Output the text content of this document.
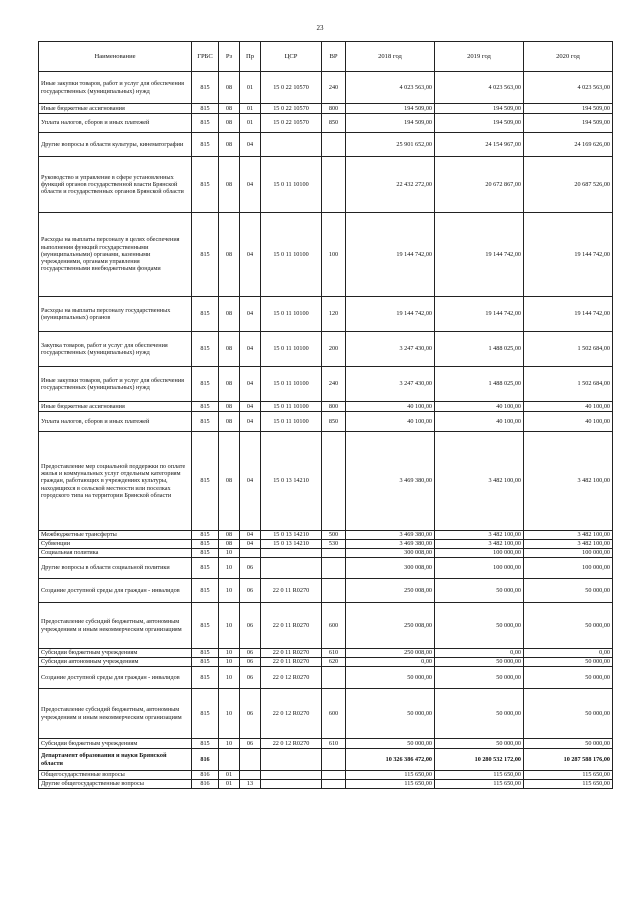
23
Наименование	ГРБС	Рз	Пр	ЦСР	ВР	2018 год	2019 год	2020 год
Иные закупки товаров, работ и услуг для обеспечения государственных (муниципальных) нужд	815	08	01	15 0 22 10570	240	4 023 563,00	4 023 563,00	4 023 563,00
Иные бюджетные ассигнования	815	08	01	15 0 22 10570	800	194 509,00	194 509,00	194 509,00
Уплата налогов, сборов и иных платежей	815	08	01	15 0 22 10570	850	194 509,00	194 509,00	194 509,00
Другие вопросы в области культуры, кинематографии	815	08	04			25 901 652,00	24 154 967,00	24 169 626,00
Руководство и управление в сфере установленных функций органов государственной власти Брянской области и государственных органов Брянской области	815	08	04	15 0 11 10100		22 432 272,00	20 672 867,00	20 687 526,00
Расходы на выплаты персоналу в целях обеспечения выполнения функций государственными (муниципальными) органами, казенными учреждениями, органами управления государственными внебюджетными фондами	815	08	04	15 0 11 10100	100	19 144 742,00	19 144 742,00	19 144 742,00
Расходы на выплаты персоналу государственных (муниципальных) органов	815	08	04	15 0 11 10100	120	19 144 742,00	19 144 742,00	19 144 742,00
Закупка товаров, работ и услуг для обеспечения государственных (муниципальных) нужд	815	08	04	15 0 11 10100	200	3 247 430,00	1 488 025,00	1 502 684,00
Иные закупки товаров, работ и услуг для обеспечения государственных (муниципальных) нужд	815	08	04	15 0 11 10100	240	3 247 430,00	1 488 025,00	1 502 684,00
Иные бюджетные ассигнования	815	08	04	15 0 11 10100	800	40 100,00	40 100,00	40 100,00
Уплата налогов, сборов и иных платежей	815	08	04	15 0 11 10100	850	40 100,00	40 100,00	40 100,00
Предоставление мер социальной поддержки по оплате жилья и коммунальных услуг отдельным категориям граждан, работающих в учреждениях культуры, находящихся в сельской местности или поселках городского типа на территории Брянской области	815	08	04	15 0 13 14210		3 469 380,00	3 482 100,00	3 482 100,00
Межбюджетные трансферты	815	08	04	15 0 13 14210	500	3 469 380,00	3 482 100,00	3 482 100,00
Субвенции	815	08	04	15 0 13 14210	530	3 469 380,00	3 482 100,00	3 482 100,00
Социальная политика	815	10				300 008,00	100 000,00	100 000,00
Другие вопросы в области социальной политики	815	10	06			300 008,00	100 000,00	100 000,00
Создание доступной среды для граждан - инвалидов	815	10	06	22 0 11 R0270		250 008,00	50 000,00	50 000,00
Предоставление субсидий бюджетным, автономным учреждениям и иным некоммерческим организациям	815	10	06	22 0 11 R0270	600	250 008,00	50 000,00	50 000,00
Субсидии бюджетным учреждениям	815	10	06	22 0 11 R0270	610	250 008,00	0,00	0,00
Субсидии автономным учреждениям	815	10	06	22 0 11 R0270	620	0,00	50 000,00	50 000,00
Создание доступной среды для граждан - инвалидов	815	10	06	22 0 12 R0270		50 000,00	50 000,00	50 000,00
Предоставление субсидий бюджетным, автономным учреждениям и иным некоммерческим организациям	815	10	06	22 0 12 R0270	600	50 000,00	50 000,00	50 000,00
Субсидии бюджетным учреждениям	815	10	06	22 0 12 R0270	610	50 000,00	50 000,00	50 000,00
Департамент образования и науки Брянской области	816					10 326 386 472,00	10 280 532 172,00	10 287 588 176,00
Общегосударственные вопросы	816	01				115 650,00	115 650,00	115 650,00
Другие общегосударственные вопросы	816	01	13			115 650,00	115 650,00	115 650,00
